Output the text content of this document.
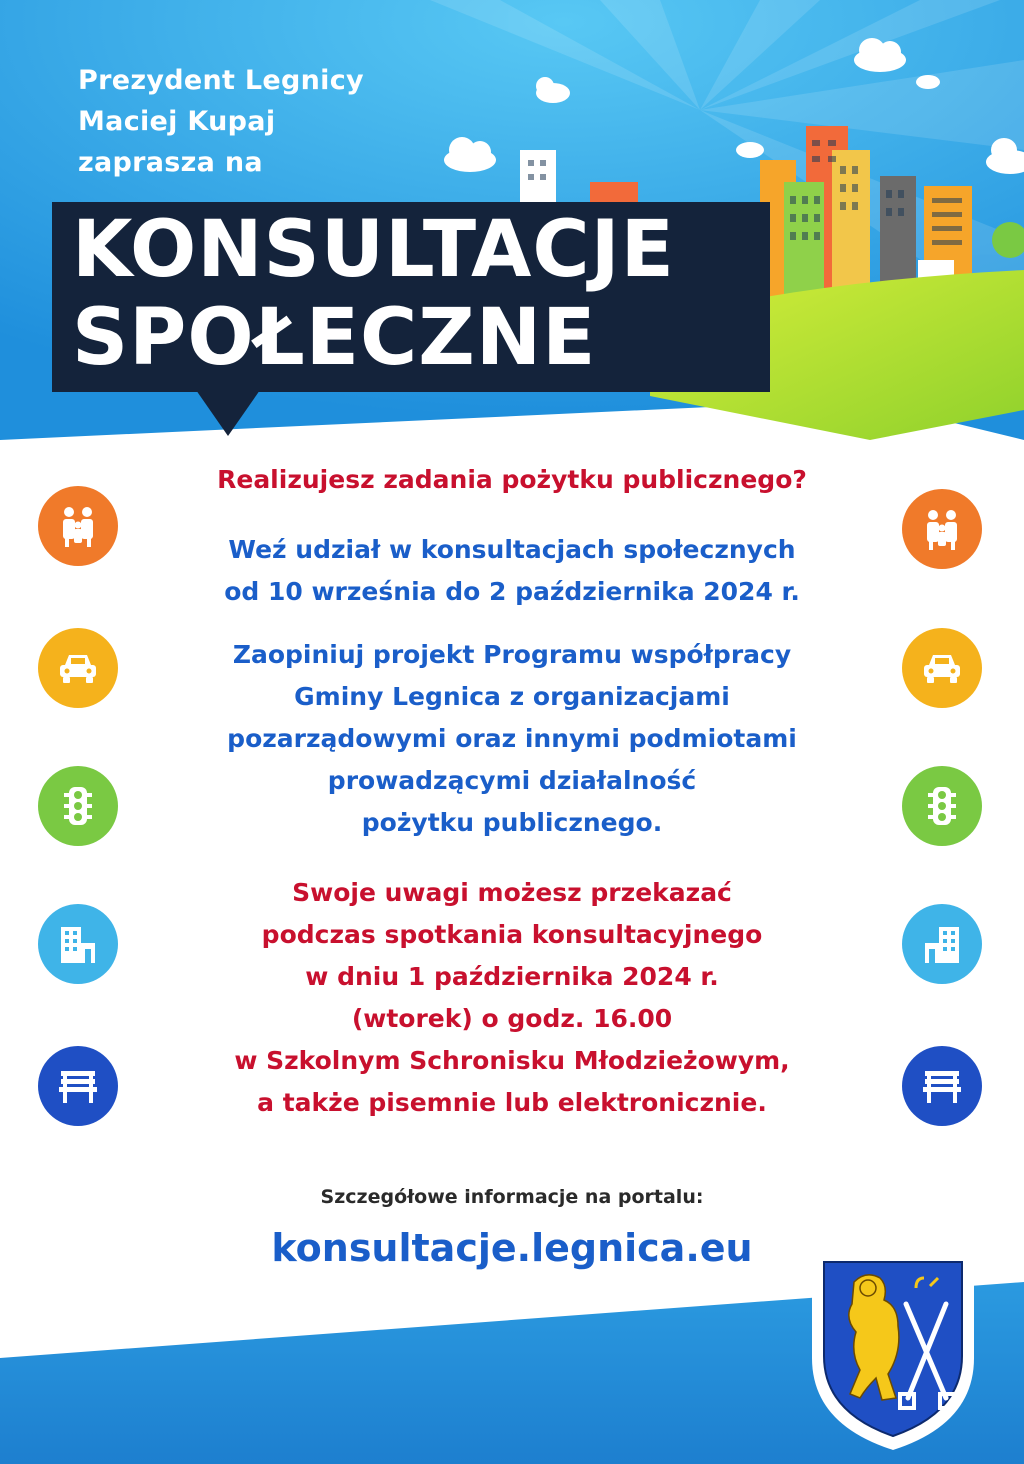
Prezydent Legnicy
Maciej Kupaj
zaprasza na
KONSULTACJE
SPOŁECZNE
Realizujesz zadania pożytku publicznego?
Weź udział w konsultacjach społecznych
od 10 września do 2 października 2024 r.
Zaopiniuj projekt Programu współpracy
Gminy Legnica z organizacjami
pozarządowymi oraz innymi podmiotami
prowadzącymi działalność
pożytku publicznego.
Swoje uwagi możesz przekazać
podczas spotkania konsultacyjnego
w dniu 1 października 2024 r.
(wtorek) o godz. 16.00
w Szkolnym Schronisku Młodzieżowym,
a także pisemnie lub elektronicznie.
Szczegółowe informacje na portalu:
konsultacje.legnica.eu
